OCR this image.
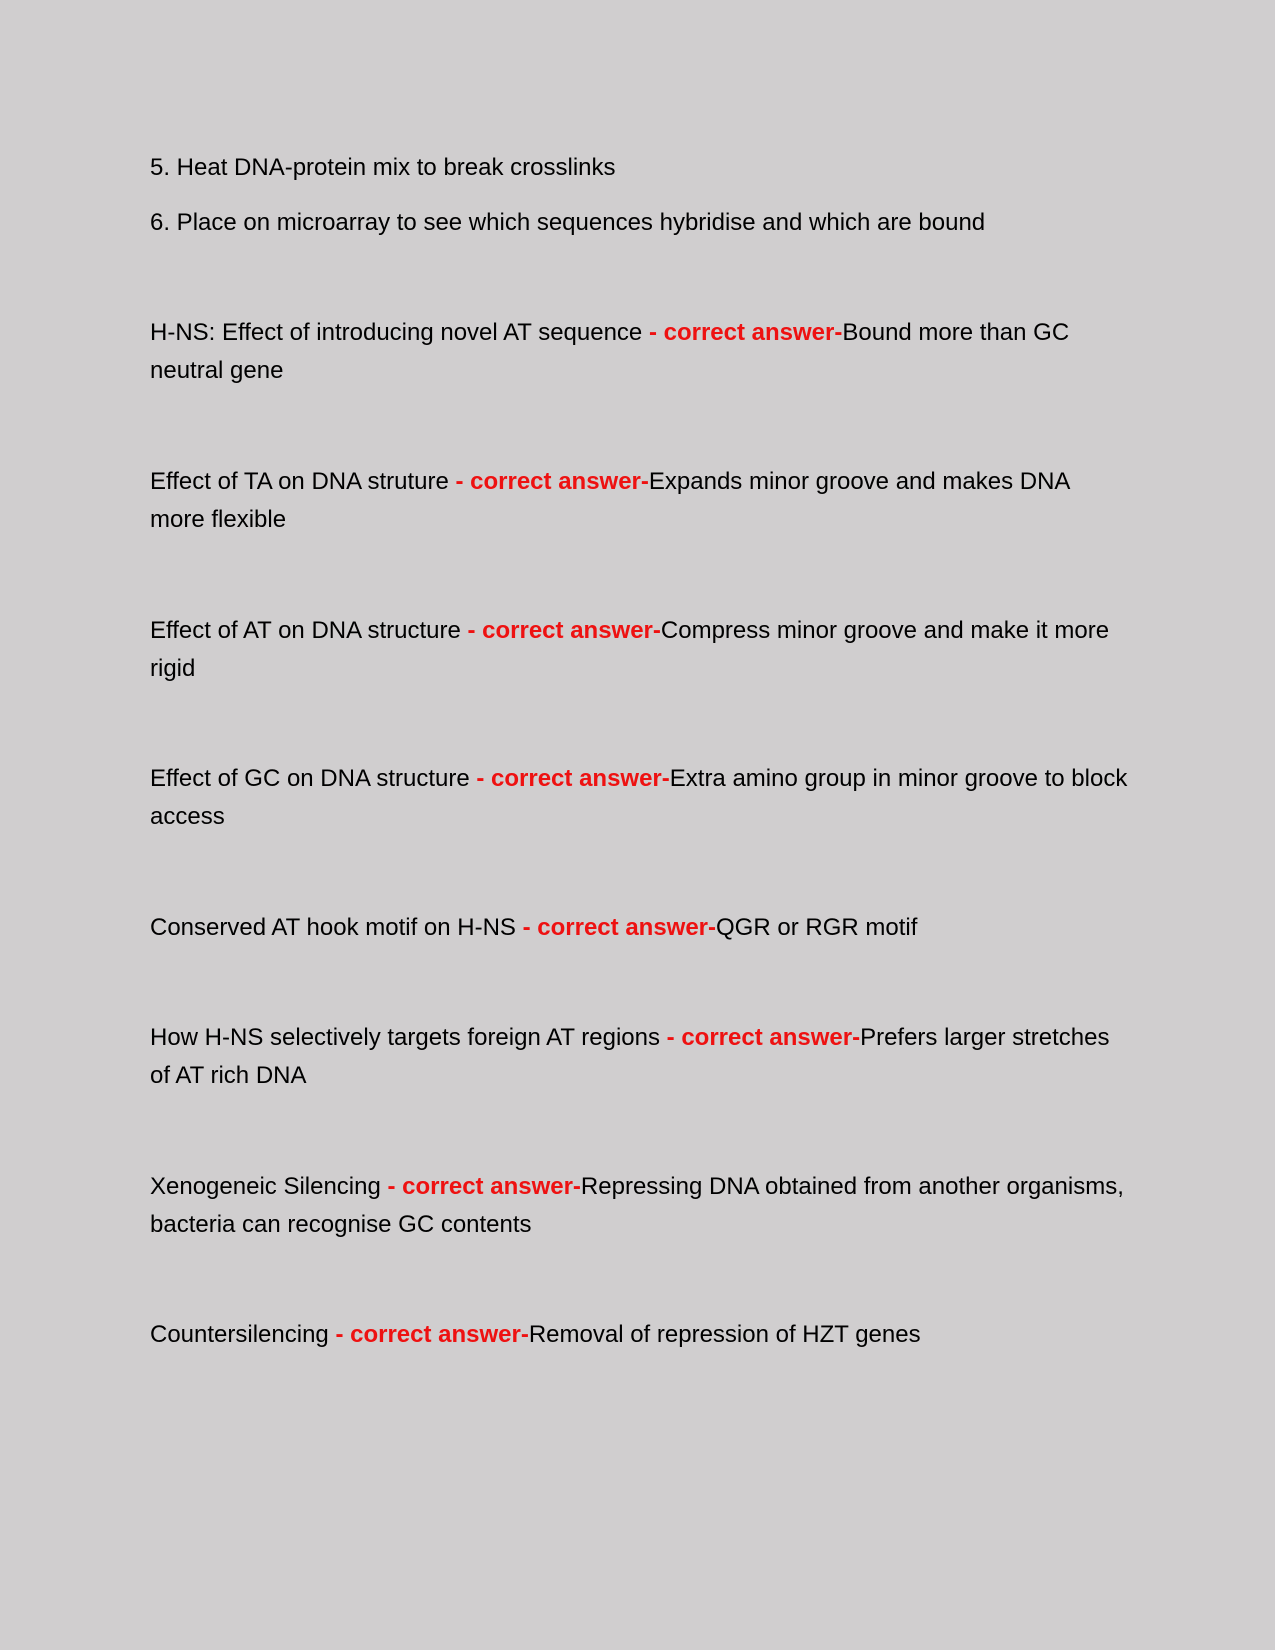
5. Heat DNA-protein mix to break crosslinks

6. Place on microarray to see which sequences hybridise and which are bound

H-NS: Effect of introducing novel AT sequence - correct answer-Bound more than GC neutral gene

Effect of TA on DNA struture - correct answer-Expands minor groove and makes DNA more flexible

Effect of AT on DNA structure - correct answer-Compress minor groove and make it more rigid

Effect of GC on DNA structure - correct answer-Extra amino group in minor groove to block access

Conserved AT hook motif on H-NS - correct answer-QGR or RGR motif

How H-NS selectively targets foreign AT regions - correct answer-Prefers larger stretches of AT rich DNA

Xenogeneic Silencing - correct answer-Repressing DNA obtained from another organisms, bacteria can recognise GC contents

Countersilencing - correct answer-Removal of repression of HZT genes
